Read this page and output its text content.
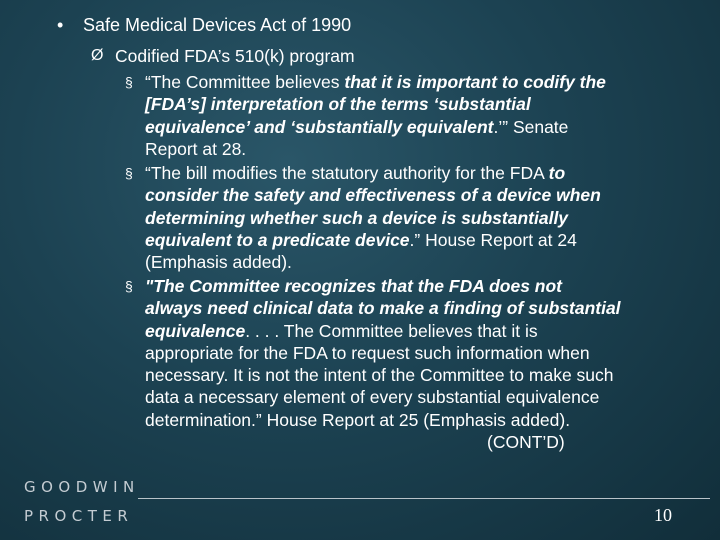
•	Safe Medical Devices Act of 1990
Ø Codified FDA’s 510(k) program
§ “The Committee believes that it is important to codify the
[FDA’s] interpretation of the terms ‘substantial
equivalence’ and ‘substantially equivalent.’” Senate
Report at 28.
§ “The bill modifies the statutory authority for the FDA to
consider the safety and effectiveness of a device when
determining whether such a device is substantially
equivalent to a predicate device.” House Report at 24
(Emphasis added).
§ "The Committee recognizes that the FDA does not
always need clinical data to make a finding of substantial
equivalence. . . . The Committee believes that it is
appropriate for the FDA to request such information when
necessary. It is not the intent of the Committee to make such
data a necessary element of every substantial equivalence
determination.” House Report at 25 (Emphasis added).
(CONT’D)
GOODWIN
PROCTER	10
